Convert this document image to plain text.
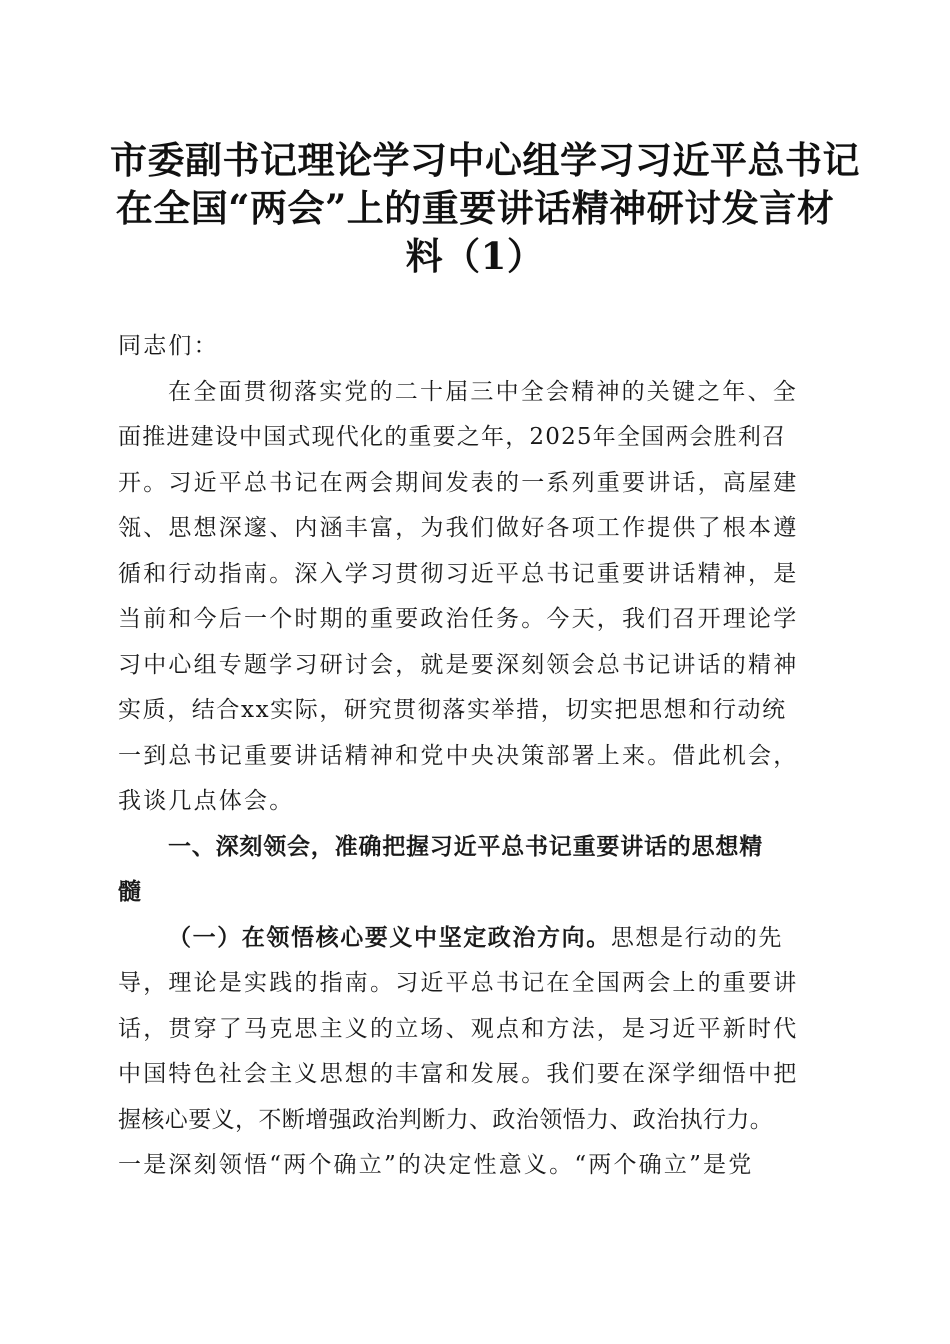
市委副书记理论学习中心组学习习近平总书记
在全国“两会”上的重要讲话精神研讨发言材
料（1）
同志们：
在全面贯彻落实党的二十届三中全会精神的关键之年、全
面推进建设中国式现代化的重要之年，2025年全国两会胜利召
开。习近平总书记在两会期间发表的一系列重要讲话，高屋建
瓴、思想深邃、内涵丰富，为我们做好各项工作提供了根本遵
循和行动指南。深入学习贯彻习近平总书记重要讲话精神，是
当前和今后一个时期的重要政治任务。今天，我们召开理论学
习中心组专题学习研讨会，就是要深刻领会总书记讲话的精神
实质，结合xx实际，研究贯彻落实举措，切实把思想和行动统
一到总书记重要讲话精神和党中央决策部署上来。借此机会，
我谈几点体会。
一、深刻领会，准确把握习近平总书记重要讲话的思想精
髓
（一）在领悟核心要义中坚定政治方向。思想是行动的先
导，理论是实践的指南。习近平总书记在全国两会上的重要讲
话，贯穿了马克思主义的立场、观点和方法，是习近平新时代
中国特色社会主义思想的丰富和发展。我们要在深学细悟中把
握核心要义，不断增强政治判断力、政治领悟力、政治执行力。
一是深刻领悟“两个确立”的决定性意义。“两个确立”是党
